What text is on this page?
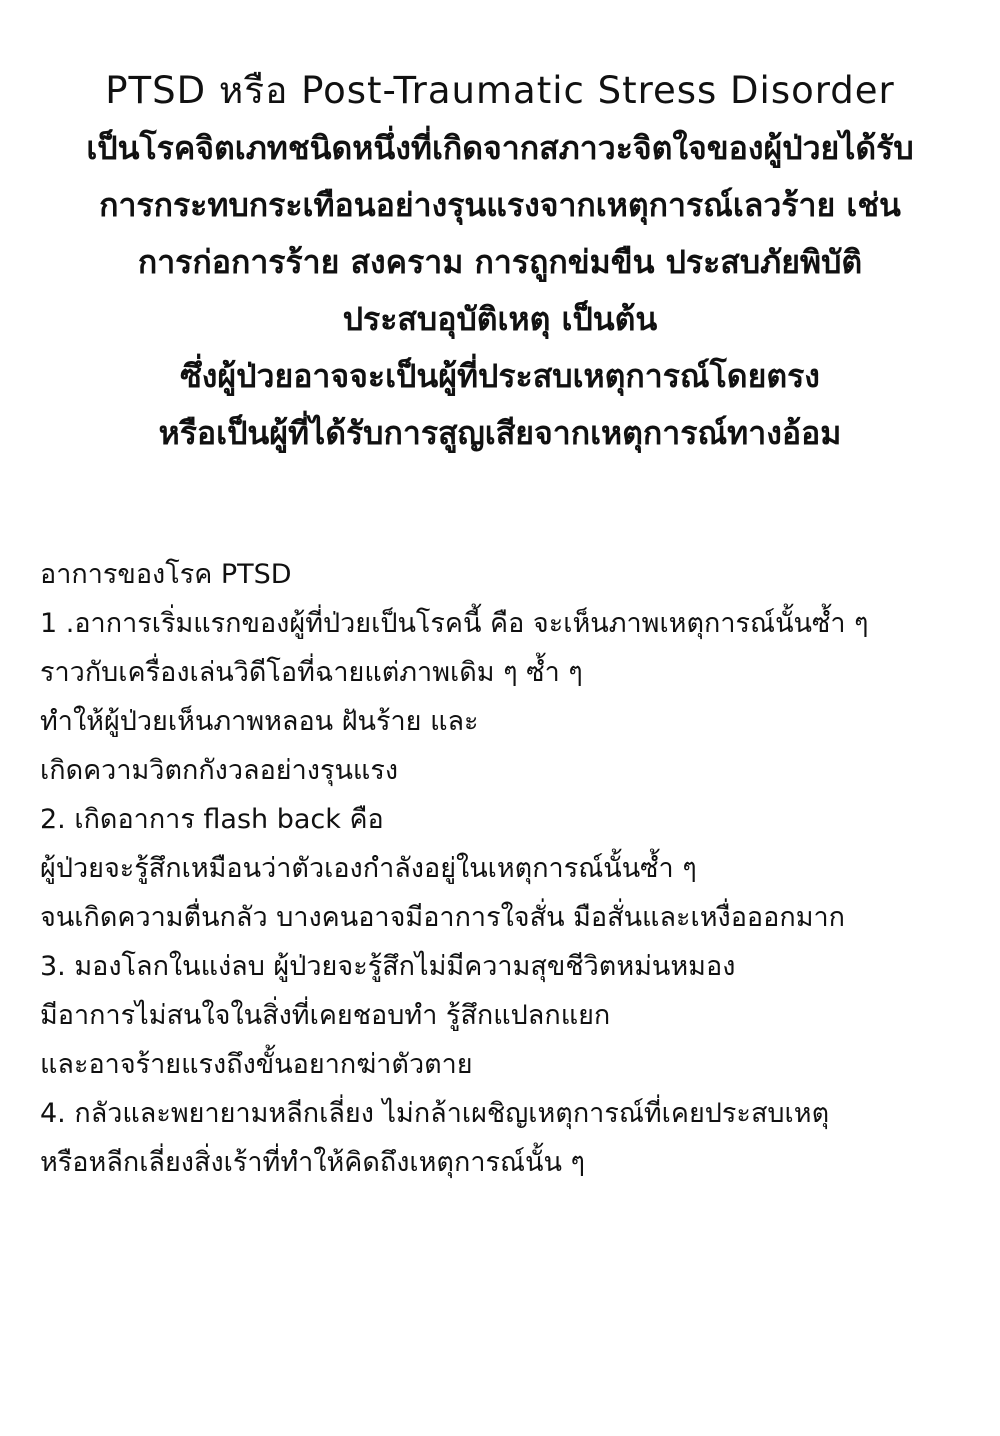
PTSD หรือ Post-Traumatic Stress Disorder
เป็นโรคจิตเภทชนิดหนึ่งที่เกิดจากสภาวะจิตใจของผู้ป่วยได้รับ
การกระทบกระเทือนอย่างรุนแรงจากเหตุการณ์เลวร้าย เช่น
การก่อการร้าย สงคราม การถูกข่มขืน ประสบภัยพิบัติ
ประสบอุบัติเหตุ เป็นต้น
ซึ่งผู้ป่วยอาจจะเป็นผู้ที่ประสบเหตุการณ์โดยตรง
หรือเป็นผู้ที่ได้รับการสูญเสียจากเหตุการณ์ทางอ้อม
อาการของโรค PTSD
1 .อาการเริ่มแรกของผู้ที่ป่วยเป็นโรคนี้ คือ จะเห็นภาพเหตุการณ์นั้นซ้ำ ๆ
ราวกับเครื่องเล่นวิดีโอที่ฉายแต่ภาพเดิม ๆ ซ้ำ ๆ
ทำให้ผู้ป่วยเห็นภาพหลอน ฝันร้าย และ
เกิดความวิตกกังวลอย่างรุนแรง
2. เกิดอาการ flash back คือ
ผู้ป่วยจะรู้สึกเหมือนว่าตัวเองกำลังอยู่ในเหตุการณ์นั้นซ้ำ ๆ
จนเกิดความตื่นกลัว บางคนอาจมีอาการใจสั่น มือสั่นและเหงื่อออกมาก
3. มองโลกในแง่ลบ ผู้ป่วยจะรู้สึกไม่มีความสุขชีวิตหม่นหมอง
มีอาการไม่สนใจในสิ่งที่เคยชอบทำ รู้สึกแปลกแยก
และอาจร้ายแรงถึงขั้นอยากฆ่าตัวตาย
4. กลัวและพยายามหลีกเลี่ยง ไม่กล้าเผชิญเหตุการณ์ที่เคยประสบเหตุ
หรือหลีกเลี่ยงสิ่งเร้าที่ทำให้คิดถึงเหตุการณ์นั้น ๆ
